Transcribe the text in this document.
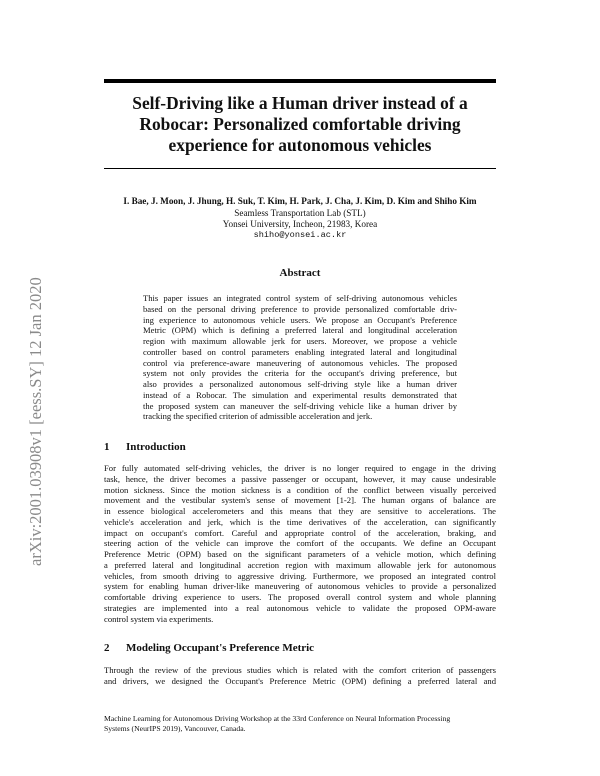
arXiv:2001.03908v1 [eess.SY] 12 Jan 2020
Self-Driving like a Human driver instead of a
Robocar: Personalized comfortable driving
experience for autonomous vehicles
I. Bae, J. Moon, J. Jhung, H. Suk, T. Kim, H. Park, J. Cha, J. Kim, D. Kim and Shiho Kim
Seamless Transportation Lab (STL)
Yonsei University, Incheon, 21983, Korea
shiho@yonsei.ac.kr
Abstract
This paper issues an integrated control system of self-driving autonomous vehicles
based on the personal driving preference to provide personalized comfortable driv-
ing experience to autonomous vehicle users. We propose an Occupant's Preference
Metric (OPM) which is defining a preferred lateral and longitudinal acceleration
region with maximum allowable jerk for users. Moreover, we propose a vehicle
controller based on control parameters enabling integrated lateral and longitudinal
control via preference-aware maneuvering of autonomous vehicles. The proposed
system not only provides the criteria for the occupant's driving preference, but
also provides a personalized autonomous self-driving style like a human driver
instead of a Robocar. The simulation and experimental results demonstrated that
the proposed system can maneuver the self-driving vehicle like a human driver by
tracking the specified criterion of admissible acceleration and jerk.
1 Introduction
For fully automated self-driving vehicles, the driver is no longer required to engage in the driving
task, hence, the driver becomes a passive passenger or occupant, however, it may cause undesirable
motion sickness. Since the motion sickness is a condition of the conflict between visually perceived
movement and the vestibular system's sense of movement [1-2]. The human organs of balance are
in essence biological accelerometers and this means that they are sensitive to accelerations. The
vehicle's acceleration and jerk, which is the time derivatives of the acceleration, can significantly
impact on occupant's comfort. Careful and appropriate control of the acceleration, braking, and
steering action of the vehicle can improve the comfort of the occupants. We define an Occupant
Preference Metric (OPM) based on the significant parameters of a vehicle motion, which defining
a preferred lateral and longitudinal accretion region with maximum allowable jerk for autonomous
vehicles, from smooth driving to aggressive driving. Furthermore, we proposed an integrated control
system for enabling human driver-like maneuvering of autonomous vehicles to provide a personalized
comfortable driving experience to users. The proposed overall control system and whole planning
strategies are implemented into a real autonomous vehicle to validate the proposed OPM-aware
control system via experiments.
2 Modeling Occupant's Preference Metric
Through the review of the previous studies which is related with the comfort criterion of passengers
and drivers, we designed the Occupant's Preference Metric (OPM) defining a preferred lateral and
Machine Learning for Autonomous Driving Workshop at the 33rd Conference on Neural Information Processing
Systems (NeurIPS 2019), Vancouver, Canada.
